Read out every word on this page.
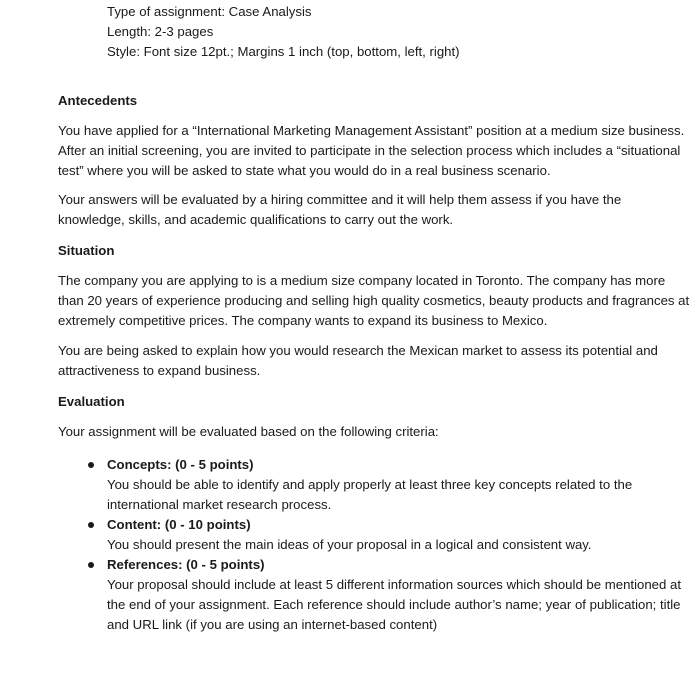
Type of assignment: Case Analysis
Length: 2-3 pages
Style: Font size 12pt.; Margins 1 inch (top, bottom, left, right)
Antecedents

You have applied for a “International Marketing Management Assistant” position at a medium size business. After an initial screening, you are invited to participate in the selection process which includes a “situational test” where you will be asked to state what you would do in a real business scenario.

Your answers will be evaluated by a hiring committee and it will help them assess if you have the knowledge, skills, and academic qualifications to carry out the work.

Situation

The company you are applying to is a medium size company located in Toronto. The company has more than 20 years of experience producing and selling high quality cosmetics, beauty products and fragrances at extremely competitive prices. The company wants to expand its business to Mexico.

You are being asked to explain how you would research the Mexican market to assess its potential and attractiveness to expand business.

Evaluation

Your assignment will be evaluated based on the following criteria:

Concepts: (0 - 5 points)
You should be able to identify and apply properly at least three key concepts related to the international market research process.
Content: (0 - 10 points)
You should present the main ideas of your proposal in a logical and consistent way.
References: (0 - 5 points)
Your proposal should include at least 5 different information sources which should be mentioned at the end of your assignment. Each reference should include author’s name; year of publication; title and URL link (if you are using an internet-based content)
